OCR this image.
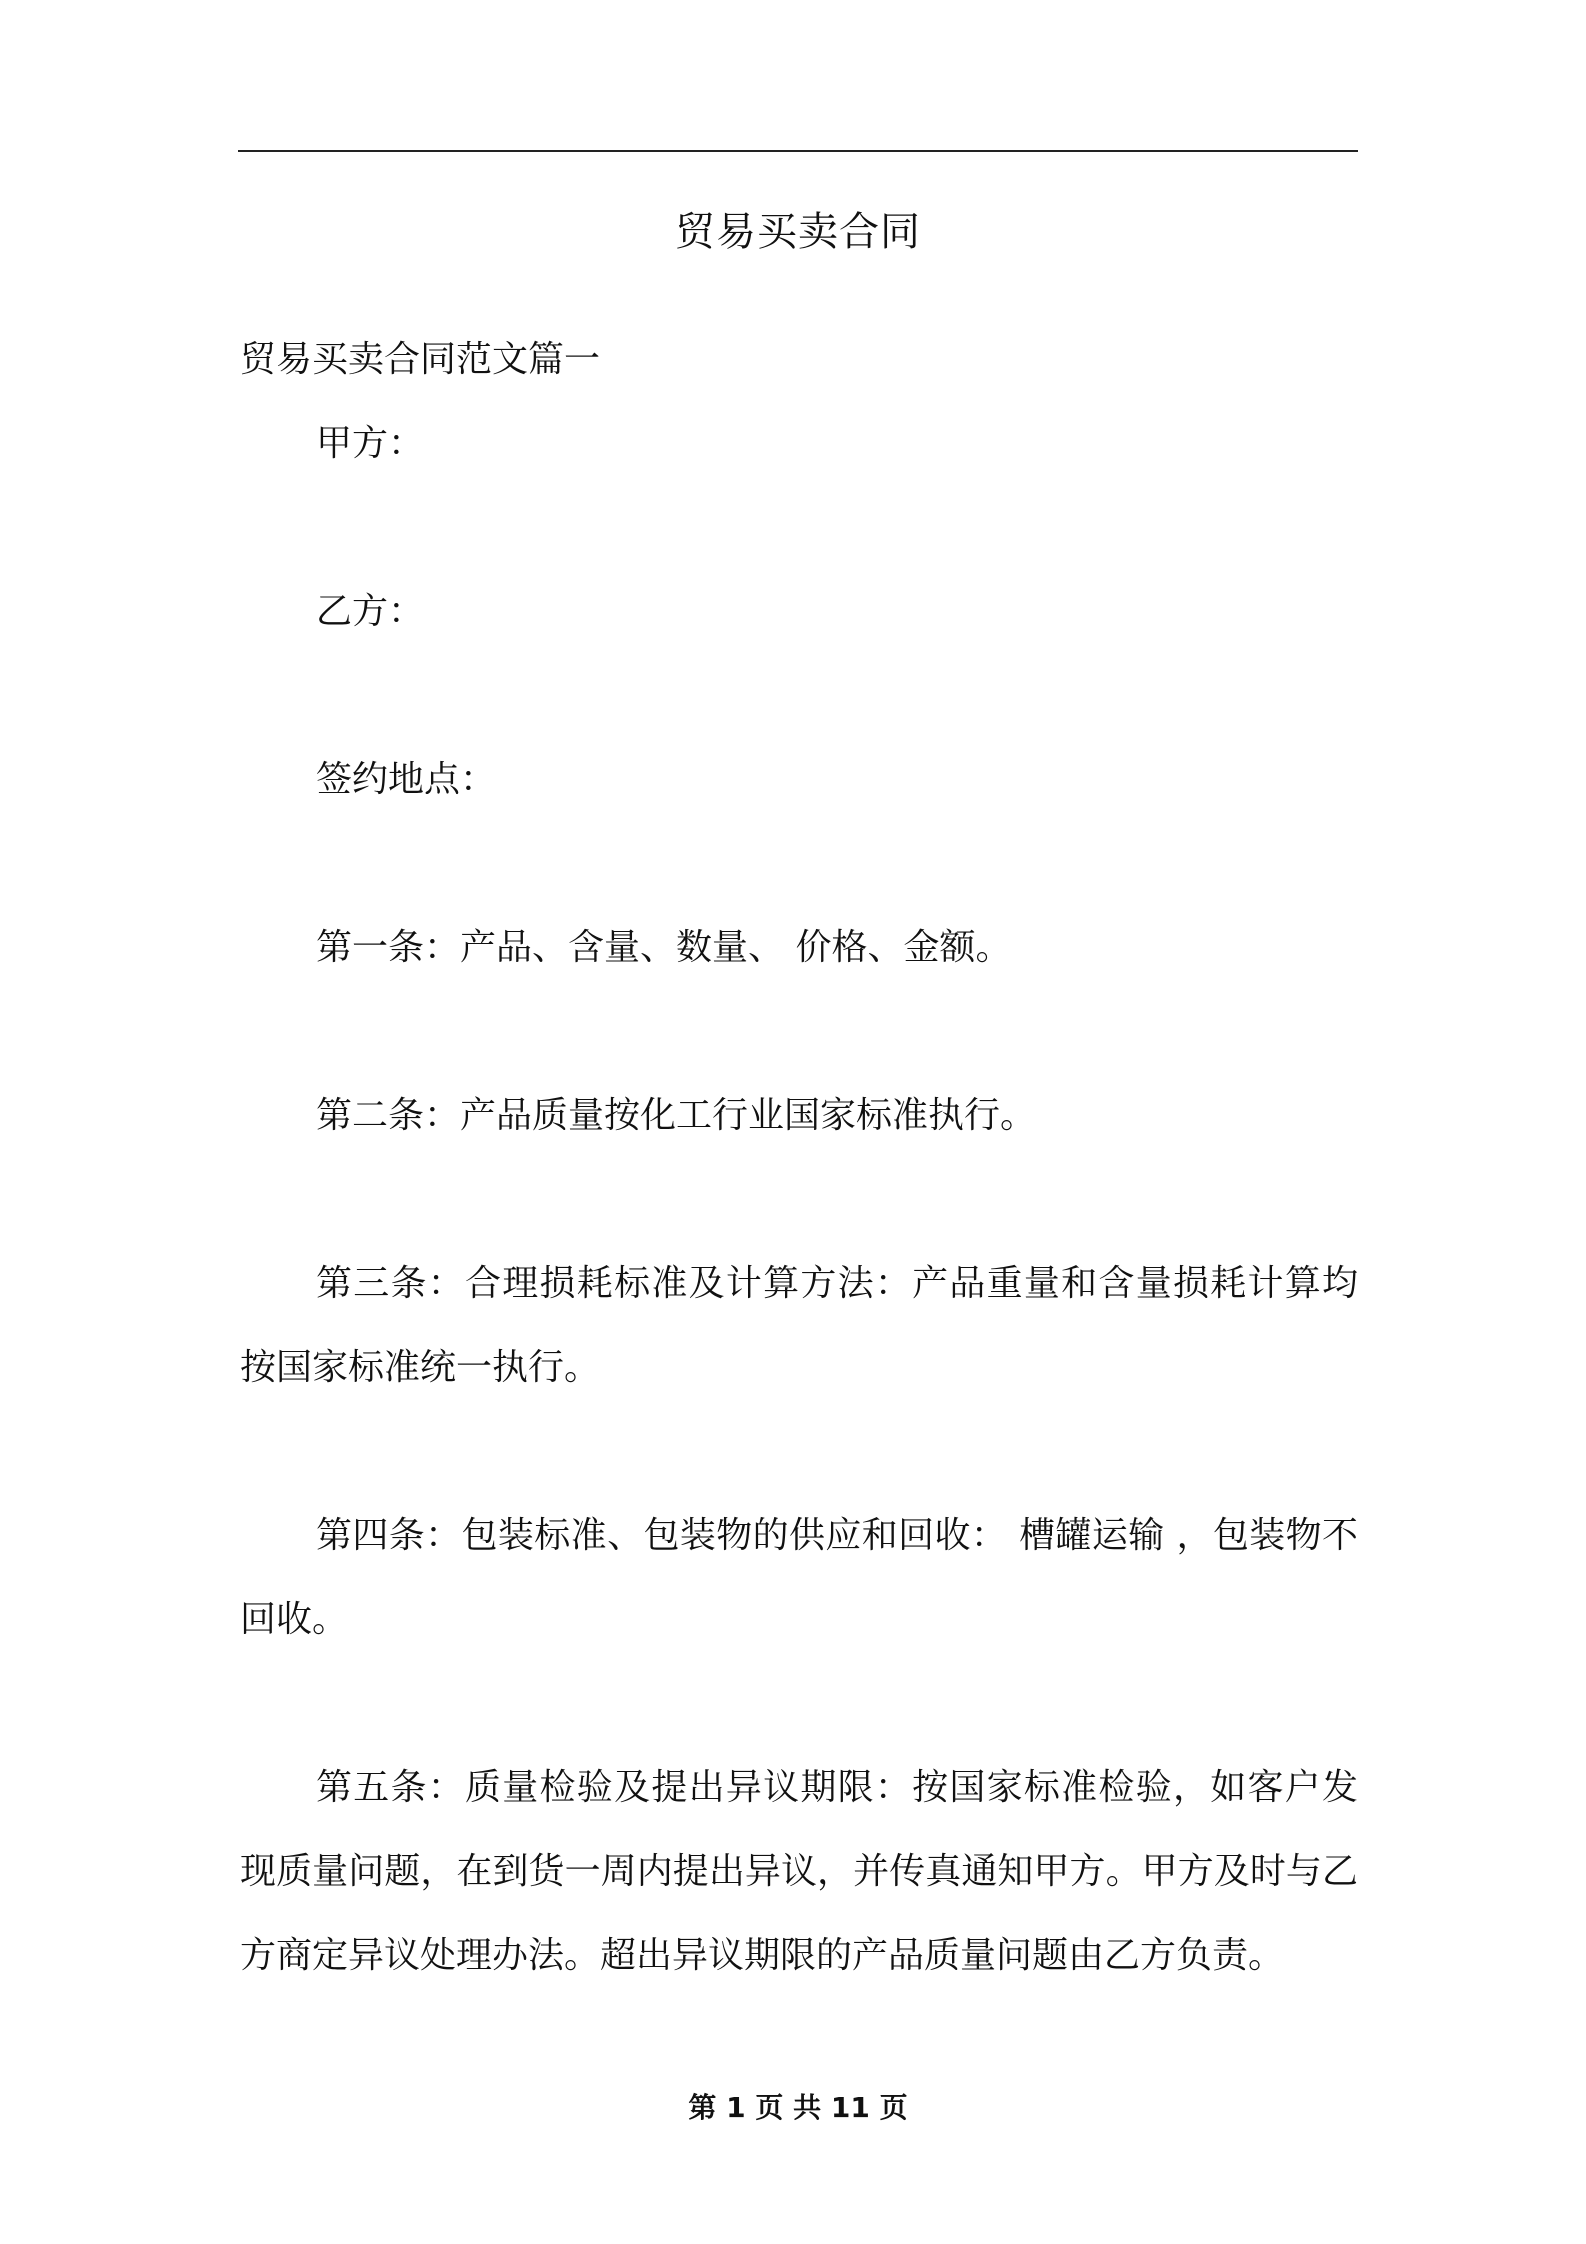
贸易买卖合同

贸易买卖合同范文篇一

甲方：

乙方：

签约地点：

第一条：产品、含量、数量、 价格、金额。

第二条：产品质量按化工行业国家标准执行。

第三条：合理损耗标准及计算方法：产品重量和含量损耗计算均按国家标准统一执行。

第四条：包装标准、包装物的供应和回收： 槽罐运输 ，包装物不回收。

第五条：质量检验及提出异议期限：按国家标准检验，如客户发现质量问题，在到货一周内提出异议，并传真通知甲方。甲方及时与乙方商定异议处理办法。超出异议期限的产品质量问题由乙方负责。

第 1 页 共 11 页
